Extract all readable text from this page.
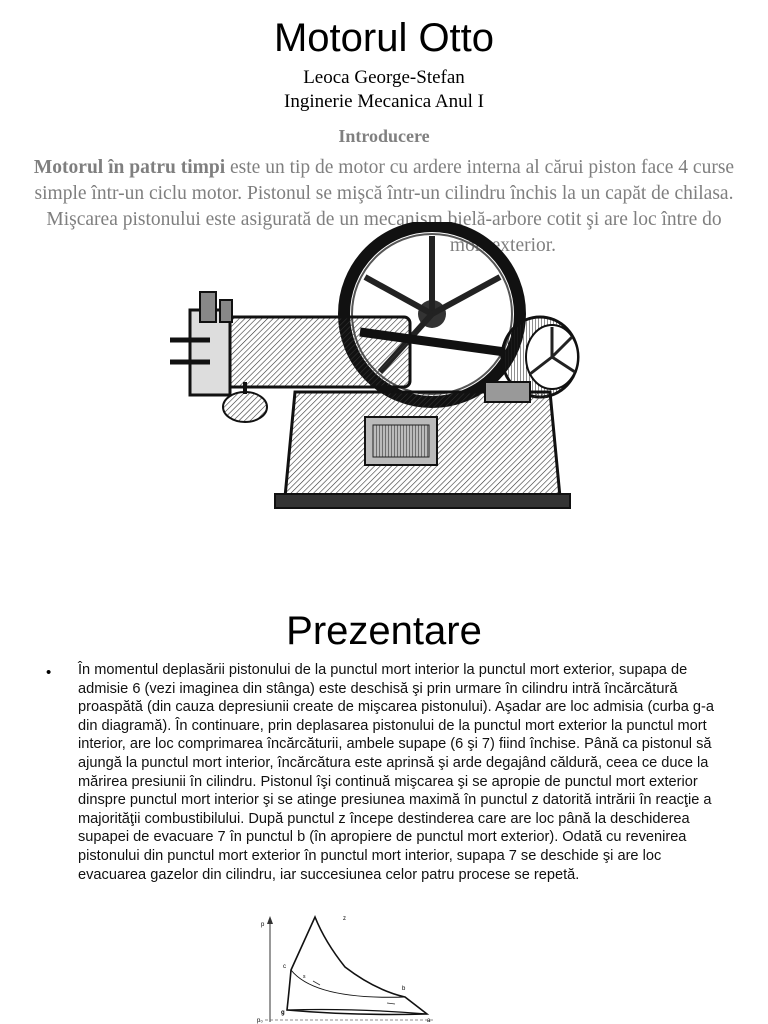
Motorul Otto
Leoca George-Stefan
Inginerie Mecanica Anul I
Introducere
Motorul în patru timpi este un tip de motor cu ardere interna al cărui piston face 4 curse simple într-un ciclu motor. Pistonul se mişcă într-un cilindru închis la un capăt de chilasa. Mişcarea pistonului este asigurată de un mecanism bielă-arbore cotit şi are loc între domort exterior.
Prezentare
• În momentul deplasării pistonului de la punctul mort interior la punctul mort exterior, supapa de admisie 6 (vezi imaginea din stânga) este deschisă şi prin urmare în cilindru intră încărcătură proaspătă (din cauza depresiunii create de mişcarea pistonului). Aşadar are loc admisia (curba g-a din diagramă). În continuare, prin deplasarea pistonului de la punctul mort exterior la punctul mort interior, are loc comprimarea încărcăturii, ambele supape (6 şi 7) fiind închise. Până ca pistonul să ajungă la punctul mort interior, încărcătura este aprinsă şi arde degajând căldură, ceea ce duce la mărirea presiunii în cilindru. Pistonul îşi continuă mişcarea şi se apropie de punctul mort exterior dinspre punctul mort interior şi se atinge presiunea maximă în punctul z datorită intrării în reacţie a majorităţii combustibilului. După punctul z începe destinderea care are loc până la deschiderea supapei de evacuare 7 în punctul b (în apropiere de punctul mort exterior). Odată cu revenirea pistonului din punctul mort exterior în punctul mort interior, supapa 7 se deschide şi are loc evacuarea gazelor din cilindru, iar succesiunea celor patru procese se repetă.
p
p₀
z
c
b
g
a
s
